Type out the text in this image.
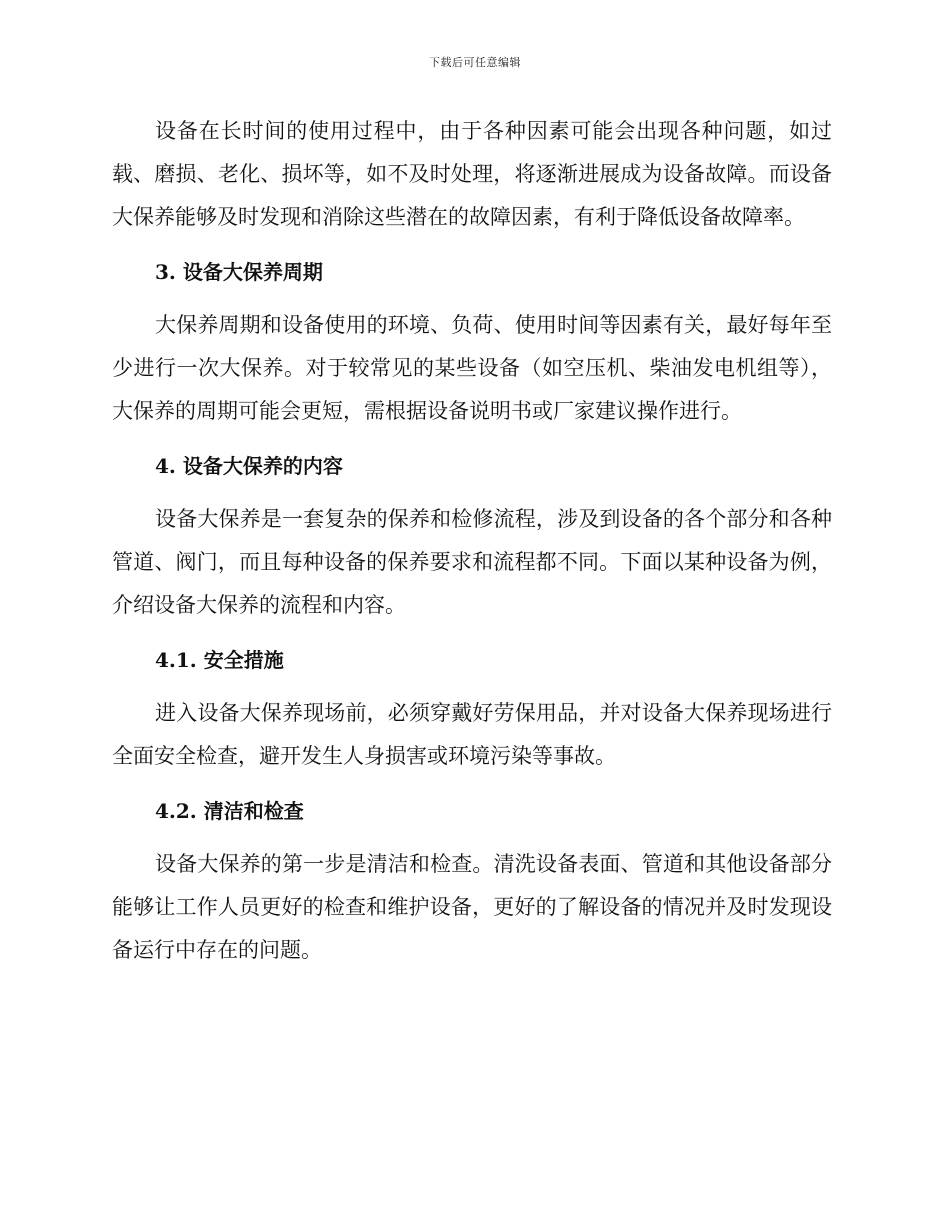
下载后可任意编辑

设备在长时间的使用过程中，由于各种因素可能会出现各种问题，如过载、磨损、老化、损坏等，如不及时处理，将逐渐进展成为设备故障。而设备大保养能够及时发现和消除这些潜在的故障因素，有利于降低设备故障率。

3. 设备大保养周期

大保养周期和设备使用的环境、负荷、使用时间等因素有关，最好每年至少进行一次大保养。对于较常见的某些设备（如空压机、柴油发电机组等），大保养的周期可能会更短，需根据设备说明书或厂家建议操作进行。

4. 设备大保养的内容

设备大保养是一套复杂的保养和检修流程，涉及到设备的各个部分和各种管道、阀门，而且每种设备的保养要求和流程都不同。下面以某种设备为例，介绍设备大保养的流程和内容。

4.1. 安全措施

进入设备大保养现场前，必须穿戴好劳保用品，并对设备大保养现场进行全面安全检查，避开发生人身损害或环境污染等事故。

4.2. 清洁和检查

设备大保养的第一步是清洁和检查。清洗设备表面、管道和其他设备部分能够让工作人员更好的检查和维护设备，更好的了解设备的情况并及时发现设备运行中存在的问题。
